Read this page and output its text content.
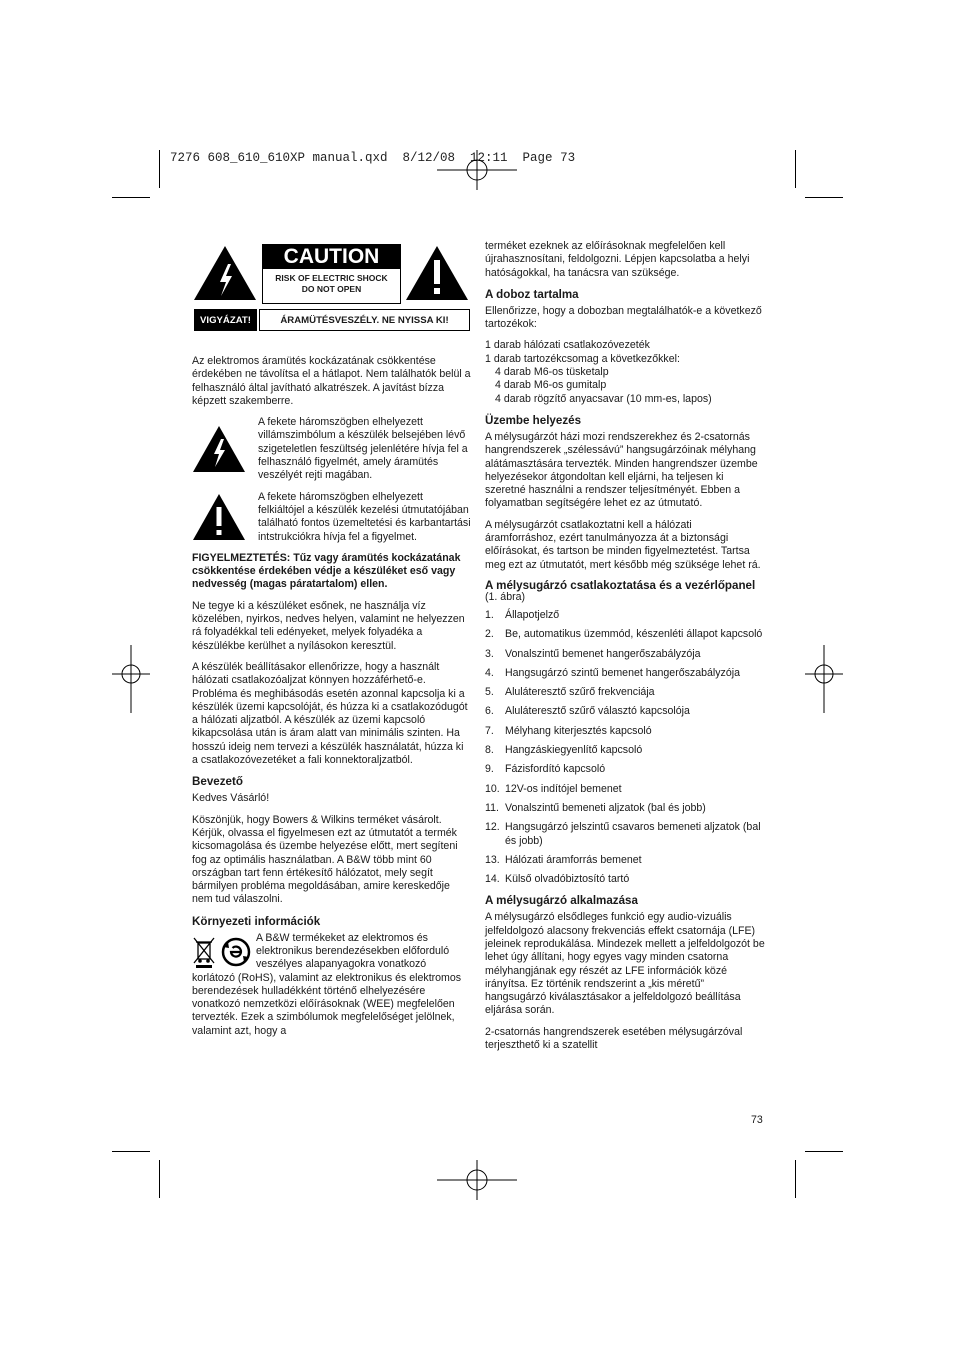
7276 608_610_610XP manual.qxd  8/12/08  12:11  Page 73
CAUTION
RISK OF ELECTRIC SHOCK
DO NOT OPEN
VIGYÁZAT!	ÁRAMÜTÉSVESZÉLY. NE NYISSA KI!

Az elektromos áramütés kockázatának csökkentése érdekében ne távolítsa el a hátlapot. Nem találhatók belül a felhasználó által javítható alkatrészek. A javítást bízza képzett szakemberre.

A fekete háromszögben elhelyezett villámszimbólum a készülék belsejében lévő szigeteletlen feszültség jelenlétére hívja fel a felhasználó figyelmét, amely áramütés veszélyét rejti magában.
A fekete háromszögben elhelyezett felkiáltójel a készülék kezelési útmutatójában található fontos üzemeltetési és karbantartási intstrukciókra hívja fel a figyelmet.

FIGYELMEZTETÉS: Tűz vagy áramütés kockázatának csökkentése érdekében védje a készüléket eső vagy nedvesség (magas páratartalom) ellen.

Ne tegye ki a készüléket esőnek, ne használja víz közelében, nyirkos, nedves helyen, valamint ne helyezzen rá folyadékkal teli edényeket, melyek folyadéka a készülékbe kerülhet a nyílásokon keresztül.

A készülék beállításakor ellenőrizze, hogy a használt hálózati csatlakozóaljzat könnyen hozzáférhető-e. Probléma és meghibásodás esetén azonnal kapcsolja ki a készülék üzemi kapcsolóját, és húzza ki a csatlakozódugót a hálózati aljzatból. A készülék az üzemi kapcsoló kikapcsolása után is áram alatt van minimális szinten. Ha hosszú ideig nem tervezi a készülék használatát, húzza ki a csatlakozóvezetéket a fali konnektoraljzatból.

Bevezető

Kedves Vásárló!

Köszönjük, hogy Bowers & Wilkins terméket vásárolt. Kérjük, olvassa el figyelmesen ezt az útmutatót a termék kicsomagolása és üzembe helyezése előtt, mert segíteni fog az optimális használatban. A B&W több mint 60 országban tart fenn értékesítő hálózatot, mely segít bármilyen probléma megoldásában, amire kereskedője nem tud válaszolni.

Környezeti információk
A B&W termékeket az elektromos és elektronikus berendezésekben előforduló veszélyes alapanyagokra vonatkozó korlátozó (RoHS), valamint az elektronikus és elektromos berendezések hulladékként történő elhelyezésére vonatkozó nemzetközi előírásoknak (WEE) megfelelően tervezték. Ezek a szimbólumok megfelelőséget jelölnek, valamint azt, hogy a

terméket ezeknek az előírásoknak megfelelően kell újrahasznosítani, feldolgozni. Lépjen kapcsolatba a helyi hatóságokkal, ha tanácsra van szüksége.

A doboz tartalma

Ellenőrizze, hogy a dobozban megtalálhatók-e a következő tartozékok:

1 darab hálózati csatlakozóvezeték

1 darab tartozékcsomag a következőkkel:

4 darab M6-os tüsketalp

4 darab M6-os gumitalp

4 darab rögzítő anyacsavar (10 mm-es, lapos)

Üzembe helyezés

A mélysugárzót házi mozi rendszerekhez és 2-csatornás hangrendszerek „szélessávú” hangsugárzóinak mélyhang alátámasztására tervezték. Minden hangrendszer üzembe helyezésekor átgondoltan kell eljárni, ha teljesen ki szeretné használni a rendszer teljesítményét. Ebben a folyamatban segítségére lehet ez az útmutató.

A mélysugárzót csatlakoztatni kell a hálózati áramforráshoz, ezért tanulmányozza át a biztonsági előírásokat, és tartson be minden figyelmeztetést. Tartsa meg ezt az útmutatót, mert később még szüksége lehet rá.

A mélysugárzó csatlakoztatása és a vezérlőpanel (1. ábra)
1.	Állapotjelző
2.	Be, automatikus üzemmód, készenléti állapot kapcsoló
3.	Vonalszintű bemenet hangerőszabályzója
4.	Hangsugárzó szintű bemenet hangerőszabályzója
5.	Aluláteresztő szűrő frekvenciája
6.	Aluláteresztő szűrő választó kapcsolója
7.	Mélyhang kiterjesztés kapcsoló
8.	Hangzáskiegyenlítő kapcsoló
9.	Fázisfordító kapcsoló
10. 12V-os indítójel bemenet
11. Vonalszintű bemeneti aljzatok (bal és jobb)
12. Hangsugárzó jelszintű csavaros bemeneti aljzatok (bal és jobb)
13. Hálózati áramforrás bemenet
14. Külső olvadóbiztosító tartó
A mélysugárzó alkalmazása

A mélysugárzó elsődleges funkció egy audio-vizuális jelfeldolgozó alacsony frekvenciás effekt csatornája (LFE) jeleinek reprodukálása. Mindezek mellett a jelfeldolgozót be lehet úgy állítani, hogy egyes vagy minden csatorna mélyhangjának egy részét az LFE információk közé irányítsa. Ez történik rendszerint a „kis méretű” hangsugárzó kiválasztásakor a jelfeldolgozó beállítása eljárása során.

2-csatornás hangrendszerek esetében mélysugárzóval terjeszthető ki a szatellit

73
